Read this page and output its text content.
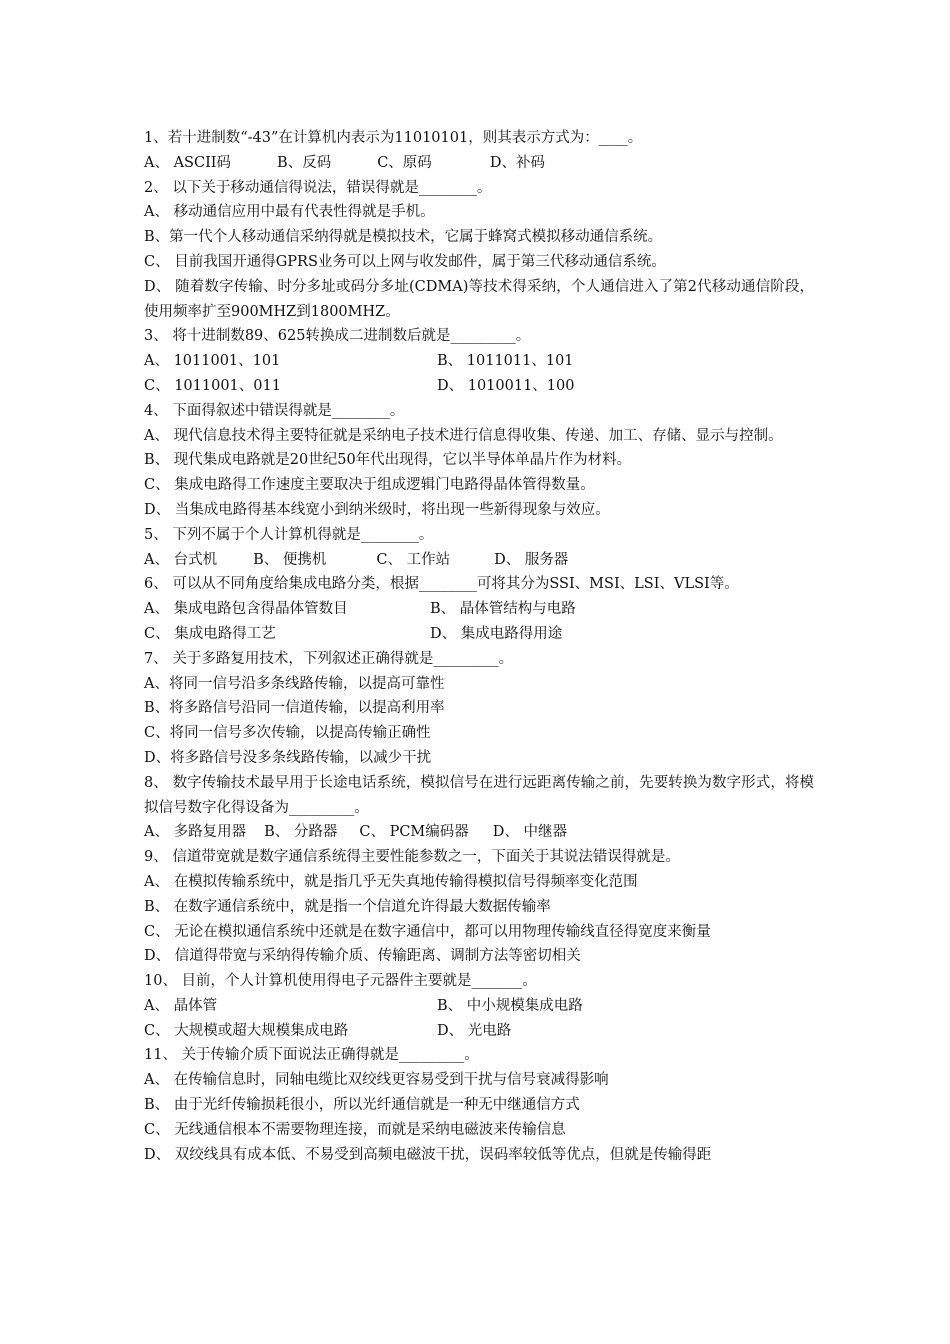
1、若十进制数“-43”在计算机内表示为11010101，则其表示方式为：____。
A、 ASCII码	B、反码	C、原码	D、补码
2、 以下关于移动通信得说法，错误得就是________。
A、 移动通信应用中最有代表性得就是手机。
B、第一代个人移动通信采纳得就是模拟技术，它属于蜂窝式模拟移动通信系统。
C、 目前我国开通得GPRS业务可以上网与收发邮件，属于第三代移动通信系统。
D、 随着数字传输、时分多址或码分多址(CDMA)等技术得采纳，个人通信进入了第2代移动通信阶段，使用频率扩至900MHZ到1800MHZ。
3、 将十进制数89、625转换成二进制数后就是_________。
A、 1011001、101	B、 1011011、101
C、 1011001、011	D、 1010011、100
4、 下面得叙述中错误得就是________。
A、 现代信息技术得主要特征就是采纳电子技术进行信息得收集、传递、加工、存储、显示与控制。
B、 现代集成电路就是20世纪50年代出现得，它以半导体单晶片作为材料。
C、 集成电路得工作速度主要取决于组成逻辑门电路得晶体管得数量。
D、 当集成电路得基本线宽小到纳米级时，将出现一些新得现象与效应。
5、 下列不属于个人计算机得就是________。
A、 台式机 B、 便携机	C、 工作站	D、 服务器
6、 可以从不同角度给集成电路分类，根据________可将其分为SSI、MSI、LSI、VLSI等。
A、 集成电路包含得晶体管数目	B、 晶体管结构与电路
C、 集成电路得工艺	D、 集成电路得用途
7、 关于多路复用技术，下列叙述正确得就是_________。
A、将同一信号沿多条线路传输，以提高可靠性
B、将多路信号沿同一信道传输，以提高利用率
C、将同一信号多次传输，以提高传输正确性
D、将多路信号没多条线路传输，以减少干扰
8、 数字传输技术最早用于长途电话系统，模拟信号在进行远距离传输之前，先要转换为数字形式，将模拟信号数字化得设备为_________。
A、 多路复用器 B、 分路器 C、 PCM编码器 D、 中继器
9、 信道带宽就是数字通信系统得主要性能参数之一，下面关于其说法错误得就是。
A、 在模拟传输系统中，就是指几乎无失真地传输得模拟信号得频率变化范围
B、 在数字通信系统中，就是指一个信道允许得最大数据传输率
C、 无论在模拟通信系统中还就是在数字通信中，都可以用物理传输线直径得宽度来衡量
D、 信道得带宽与采纳得传输介质、传输距离、调制方法等密切相关
10、 目前，个人计算机使用得电子元器件主要就是_______。
A、 晶体管	B、 中小规模集成电路
C、 大规模或超大规模集成电路	D、 光电路
11、 关于传输介质下面说法正确得就是_________。
A、 在传输信息时，同轴电缆比双绞线更容易受到干扰与信号衰减得影响
B、 由于光纤传输损耗很小，所以光纤通信就是一种无中继通信方式
C、 无线通信根本不需要物理连接，而就是采纳电磁波来传输信息
D、 双绞线具有成本低、不易受到高频电磁波干扰，误码率较低等优点，但就是传输得距
